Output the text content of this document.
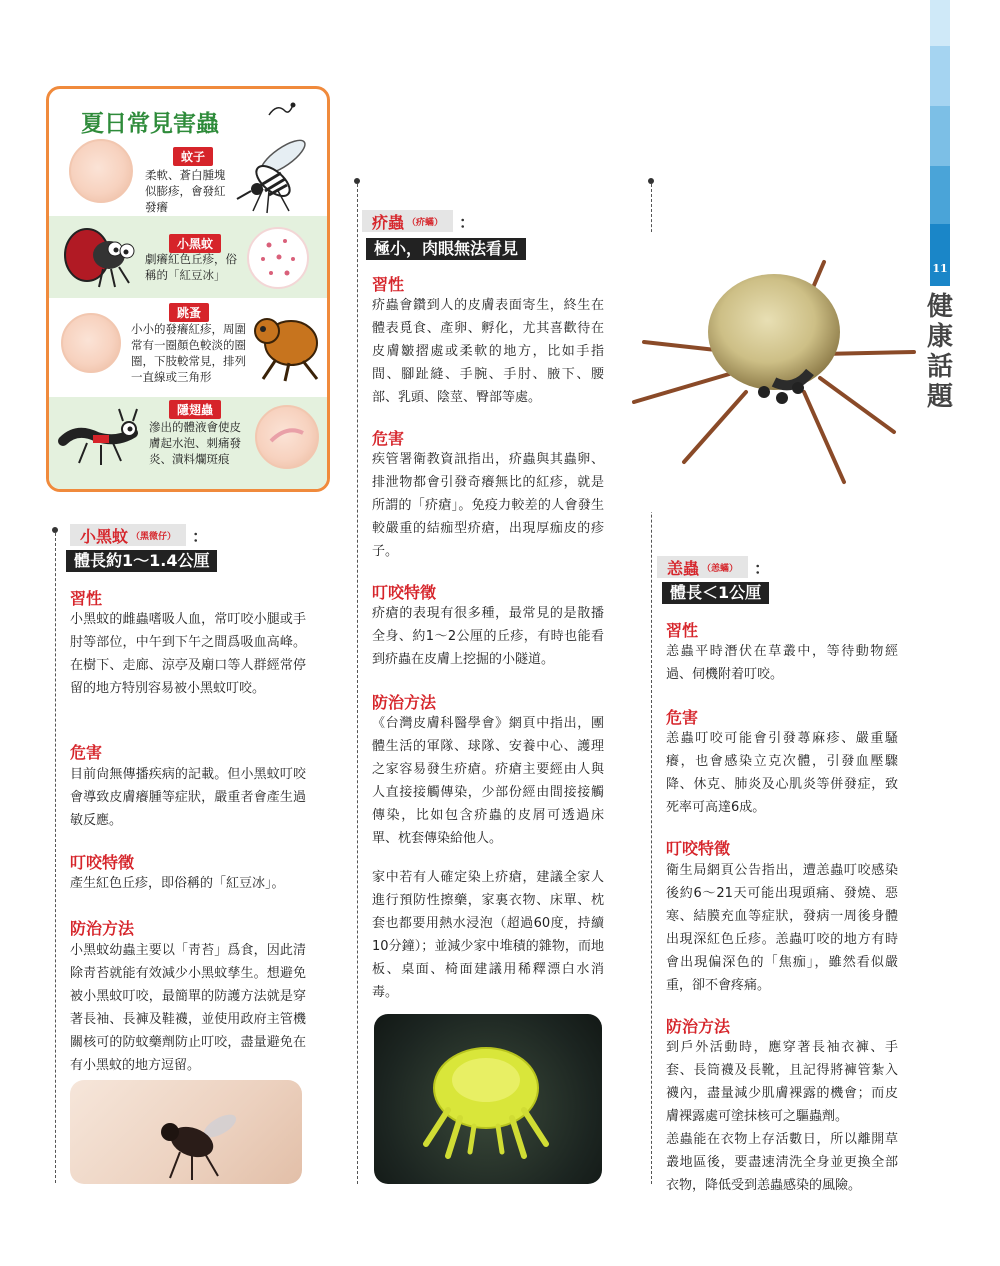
11
健康話題
夏日常見害蟲
蚊子
柔軟、蒼白腫塊似膨疹，會發紅發癢
小黑蚊
劇癢紅色丘疹，俗稱的「紅豆冰」
跳蚤
小小的發癢紅疹，周圍常有一圈顏色較淡的圈圈，下肢較常見，排列一直線或三角形
隱翅蟲
滲出的體液會使皮膚起水泡、刺痛發炎、潰料爛斑痕
小黑蚊 （黑微仔） ：
體長約1～1.4公厘
習性
小黑蚊的雌蟲嗜吸人血，常叮咬小腿或手肘等部位，中午到下午之間爲吸血高峰。在樹下、走廊、涼亭及廟口等人群經常停留的地方特別容易被小黑蚊叮咬。
危害
目前尙無傳播疾病的記載。但小黑蚊叮咬會導致皮膚癢腫等症狀，嚴重者會產生過敏反應。
叮咬特徵
產生紅色丘疹，即俗稱的「紅豆冰」。
防治方法
小黑蚊幼蟲主要以「靑苔」爲食，因此清除靑苔就能有效減少小黑蚊孳生。想避免被小黑蚊叮咬，最簡單的防護方法就是穿著長袖、長褲及鞋襪，並使用政府主管機關核可的防蚊藥劑防止叮咬，盡量避免在有小黑蚊的地方逗留。
疥蟲 （疥蟎） ：
極小，肉眼無法看見
習性
疥蟲會鑽到人的皮膚表面寄生，終生在體表覓食、產卵、孵化，尤其喜歡待在皮膚皺摺處或柔軟的地方，比如手指間、腳趾縫、手腕、手肘、腋下、腰部、乳頭、陰莖、臀部等處。
危害
疾管署衛教資訊指出，疥蟲與其蟲卵、排泄物都會引發奇癢無比的紅疹，就是所謂的「疥瘡」。免疫力較差的人會發生較嚴重的結痂型疥瘡，出現厚痂皮的疹子。
叮咬特徵
疥瘡的表現有很多種，最常見的是散播全身、約1～2公厘的丘疹，有時也能看到疥蟲在皮膚上挖掘的小隧道。
防治方法
《台灣皮膚科醫學會》網頁中指出，團體生活的軍隊、球隊、安養中心、護理之家容易發生疥瘡。疥瘡主要經由人與人直接接觸傳染，少部份經由間接接觸傳染，比如包含疥蟲的皮屑可透過床單、枕套傳染給他人。
家中若有人確定染上疥瘡，建議全家人進行預防性擦藥，家裏衣物、床單、枕套也都要用熱水浸泡（超過60度，持續10分鐘）；並減少家中堆積的雜物，而地板、桌面、椅面建議用稀釋漂白水消毒。
恙蟲 （恙蟎） ：
體長＜1公厘
習性
恙蟲平時潛伏在草叢中，等待動物經過、伺機附着叮咬。
危害
恙蟲叮咬可能會引發蕁麻疹、嚴重騷癢，也會感染立克次體，引發血壓驟降、休克、肺炎及心肌炎等併發症，致死率可高達6成。
叮咬特徵
衛生局網頁公告指出，遭恙蟲叮咬感染後約6～21天可能出現頭痛、發燒、惡寒、結膜充血等症狀，發病一周後身體出現深紅色丘疹。恙蟲叮咬的地方有時會出現偏深色的「焦痂」，雖然看似嚴重，卻不會疼痛。
防治方法
到戶外活動時，應穿著長袖衣褲、手套、長筒襪及長靴，且記得將褲管紮入襪內，盡量減少肌膚裸露的機會；而皮膚裸露處可塗抹核可之驅蟲劑。
恙蟲能在衣物上存活數日，所以離開草叢地區後，要盡速淸洗全身並更換全部衣物，降低受到恙蟲感染的風險。
